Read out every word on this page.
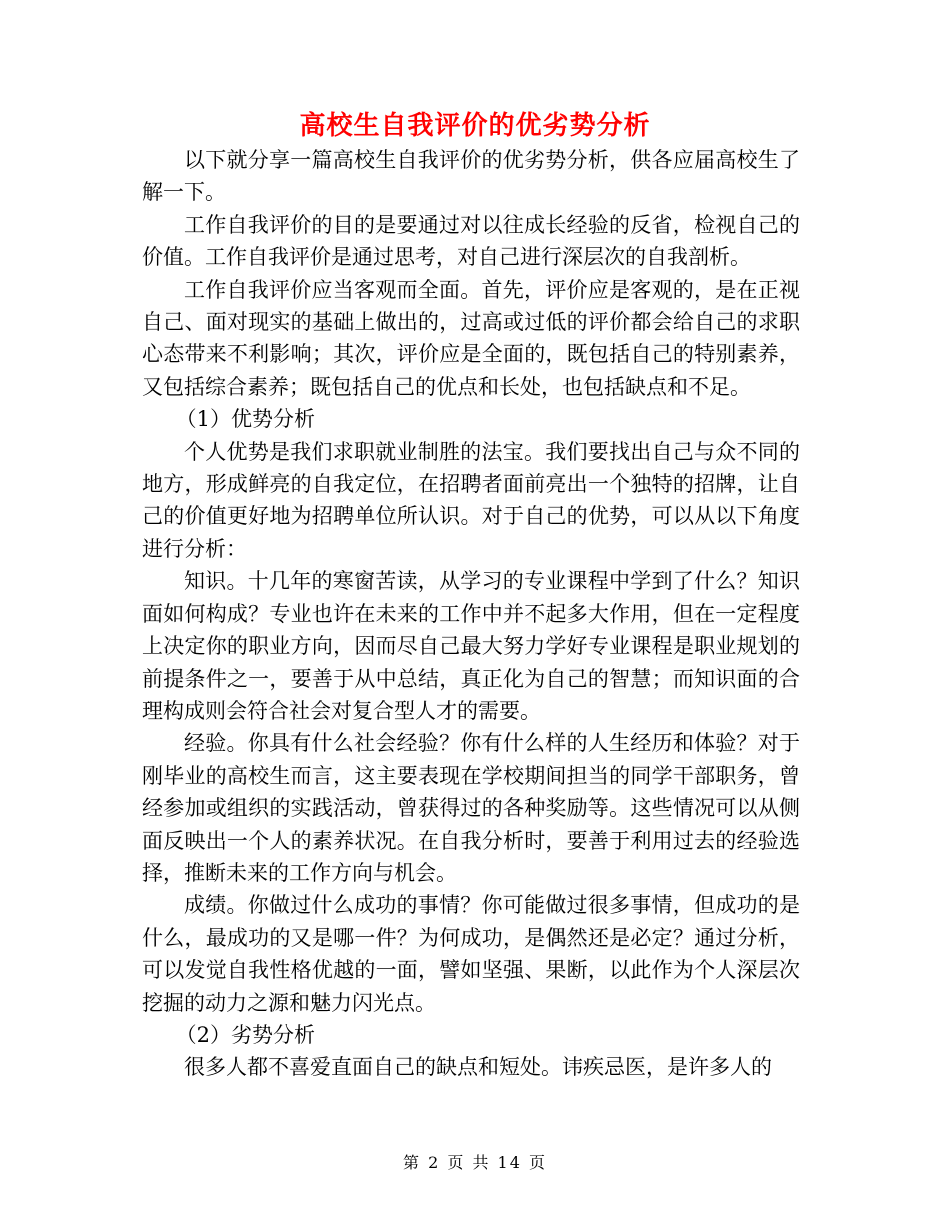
高校生自我评价的优劣势分析

以下就分享一篇高校生自我评价的优劣势分析，供各应届高校生了解一下。

工作自我评价的目的是要通过对以往成长经验的反省，检视自己的价值。工作自我评价是通过思考，对自己进行深层次的自我剖析。

工作自我评价应当客观而全面。首先，评价应是客观的，是在正视自己、面对现实的基础上做出的，过高或过低的评价都会给自己的求职心态带来不利影响；其次，评价应是全面的，既包括自己的特别素养，又包括综合素养；既包括自己的优点和长处，也包括缺点和不足。

（1）优势分析

个人优势是我们求职就业制胜的法宝。我们要找出自己与众不同的地方，形成鲜亮的自我定位，在招聘者面前亮出一个独特的招牌，让自己的价值更好地为招聘单位所认识。对于自己的优势，可以从以下角度进行分析：

知识。十几年的寒窗苦读，从学习的专业课程中学到了什么？知识面如何构成？专业也许在未来的工作中并不起多大作用，但在一定程度上决定你的职业方向，因而尽自己最大努力学好专业课程是职业规划的前提条件之一，要善于从中总结，真正化为自己的智慧；而知识面的合理构成则会符合社会对复合型人才的需要。

经验。你具有什么社会经验？你有什么样的人生经历和体验？对于刚毕业的高校生而言，这主要表现在学校期间担当的同学干部职务，曾经参加或组织的实践活动，曾获得过的各种奖励等。这些情况可以从侧面反映出一个人的素养状况。在自我分析时，要善于利用过去的经验选择，推断未来的工作方向与机会。

成绩。你做过什么成功的事情？你可能做过很多事情，但成功的是什么，最成功的又是哪一件？为何成功，是偶然还是必定？通过分析，可以发觉自我性格优越的一面，譬如坚强、果断，以此作为个人深层次挖掘的动力之源和魅力闪光点。

（2）劣势分析

很多人都不喜爱直面自己的缺点和短处。讳疾忌医，是许多人的

第 2 页 共 14 页
